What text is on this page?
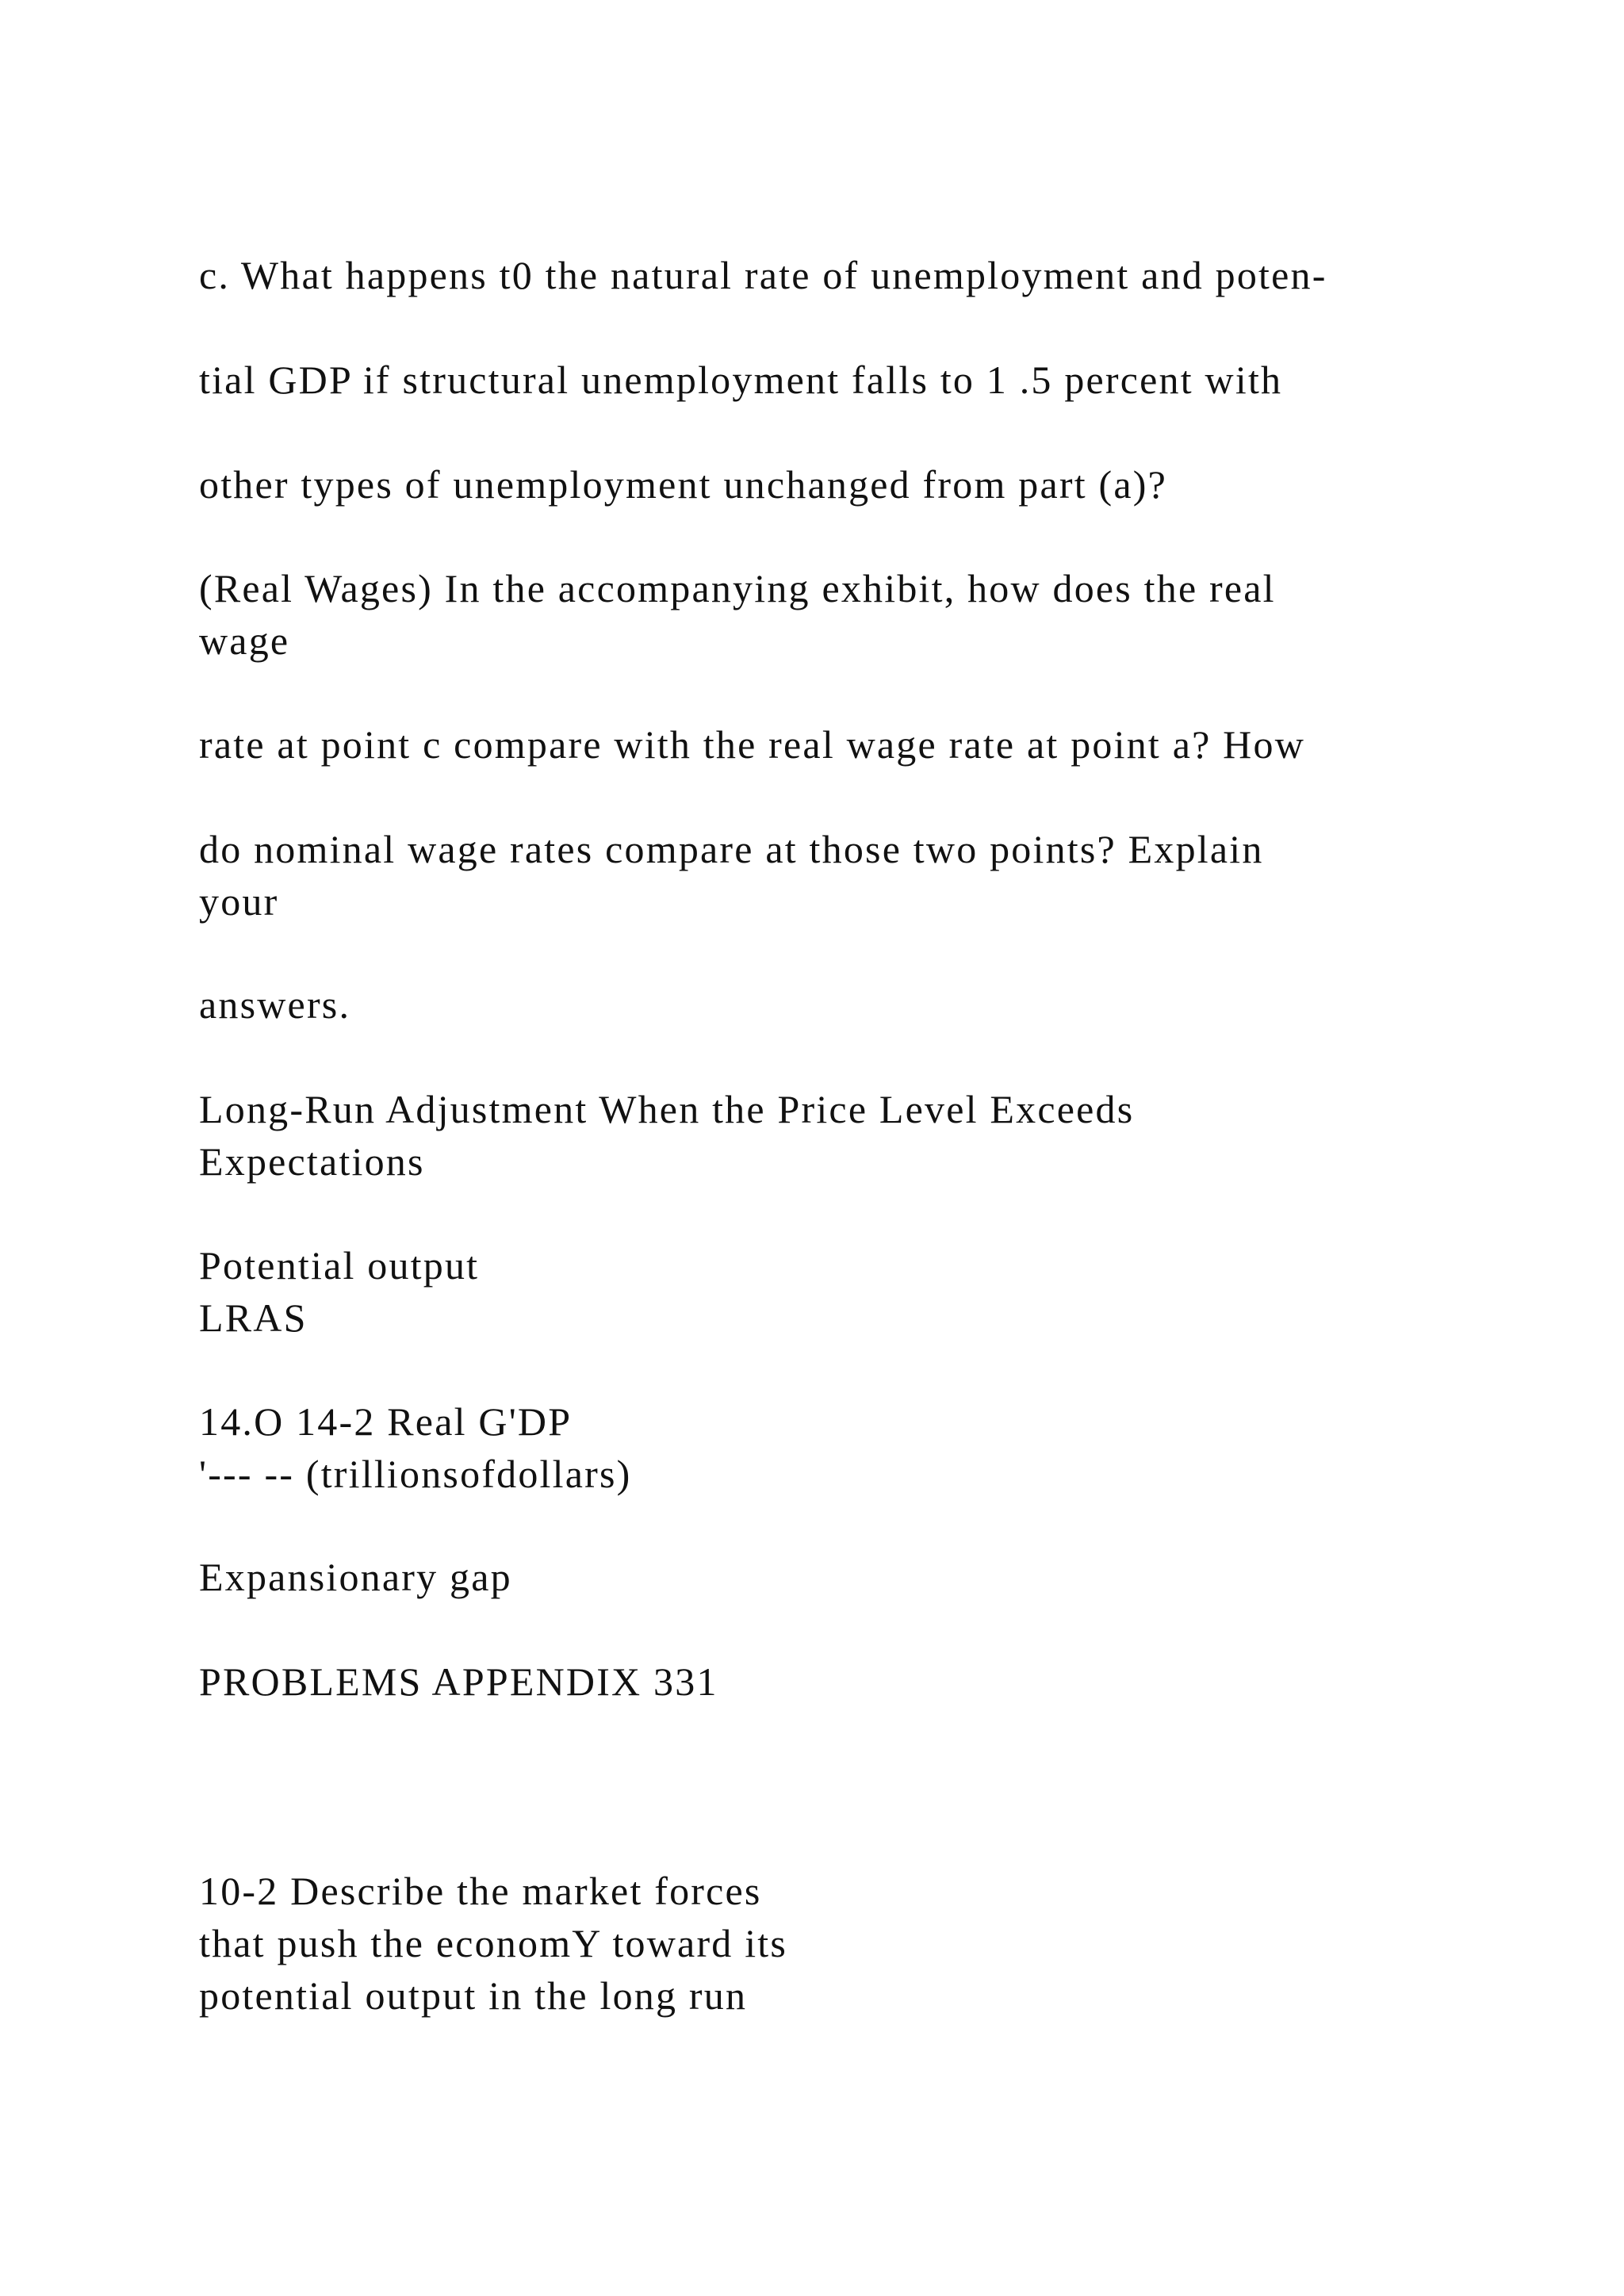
c. What happens t0 the natural rate of unemployment and poten-

tial GDP if structural unemployment falls to 1 .5 percent with

other types of unemployment unchanged from part (a)?

(Real Wages) In the accompanying exhibit, how does the real
wage

rate at point c compare with the real wage rate at point a? How

do nominal wage rates compare at those two points? Explain
your

answers.

Long-Run Adjustment When the Price Level Exceeds
Expectations

Potential output
LRAS

14.O 14-2 Real G'DP
'--- -- (trillionsofdollars)

Expansionary gap

PROBLEMS APPENDIX 331

10-2 Describe the market forces
that push the economY toward its
potential output in the long run
